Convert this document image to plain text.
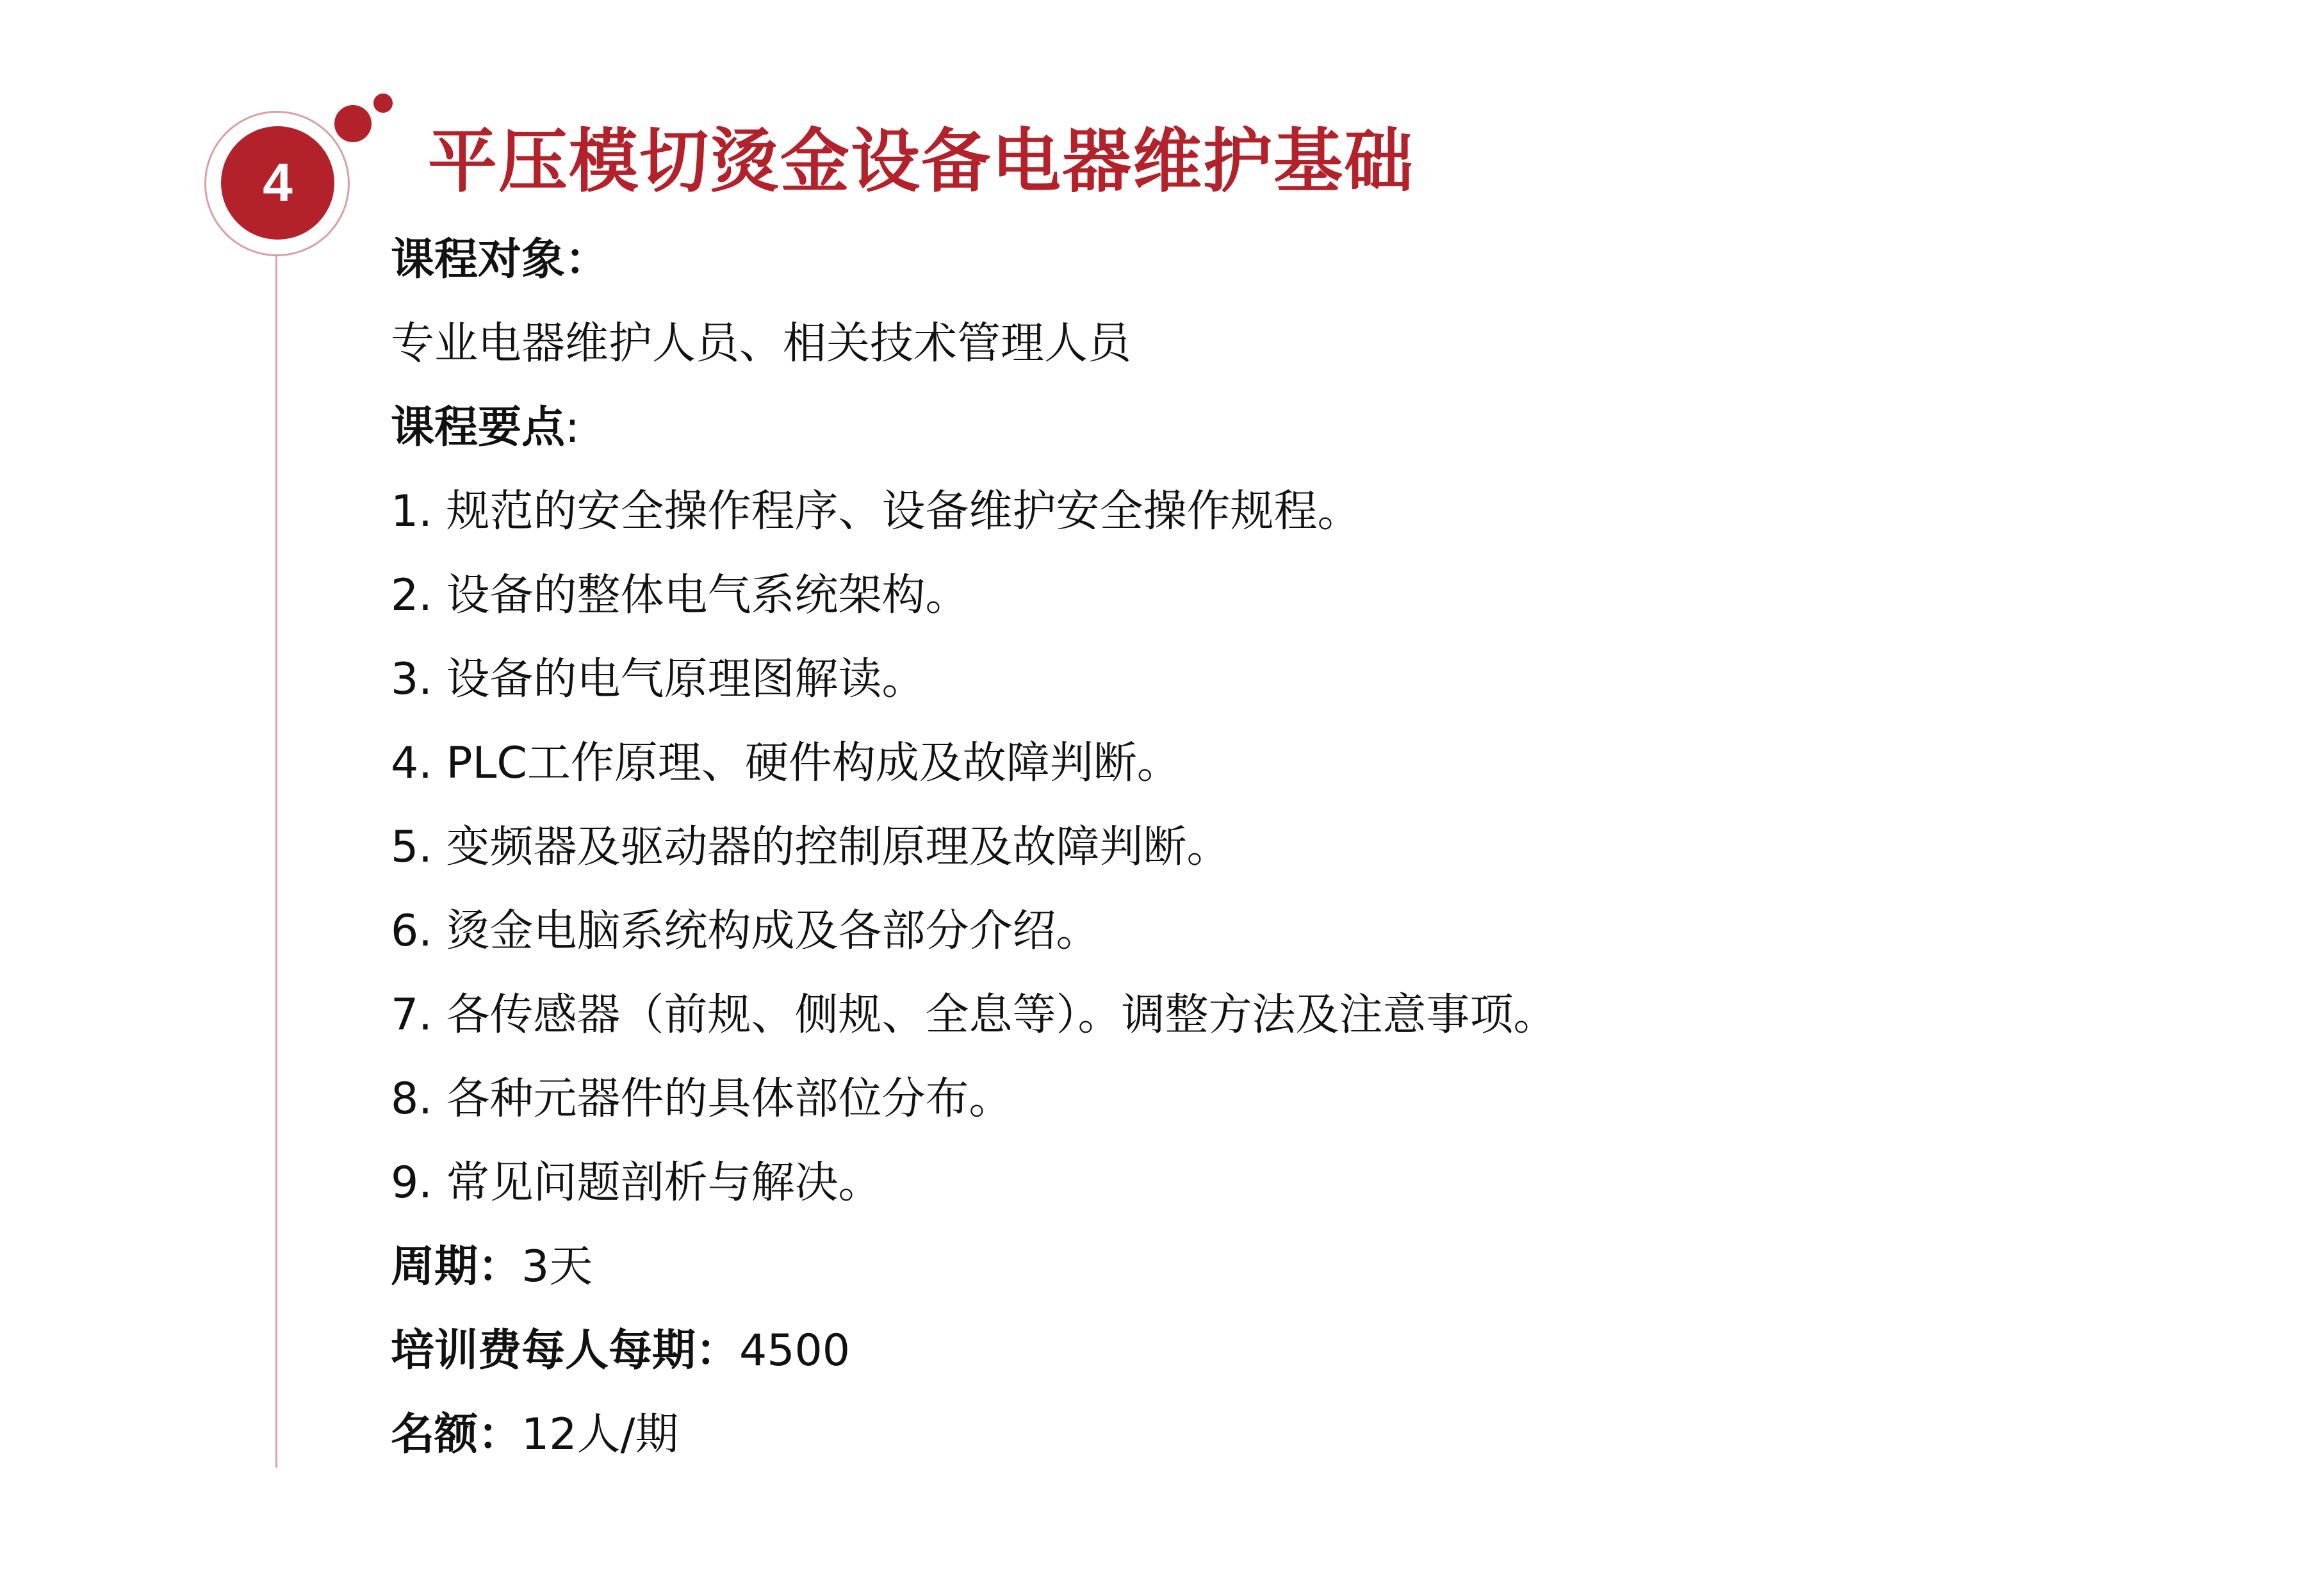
4	平压模切烫金设备电器维护基础
课程对象：
专业电器维护人员、相关技术管理人员
课程要点:
1. 规范的安全操作程序、设备维护安全操作规程。
2. 设备的整体电气系统架构。
3. 设备的电气原理图解读。
4. PLC工作原理、硬件构成及故障判断。
5. 变频器及驱动器的控制原理及故障判断。
6. 烫金电脑系统构成及各部分介绍。
7. 各传感器（前规、侧规、全息等）。调整方法及注意事项。
8. 各种元器件的具体部位分布。
9. 常见问题剖析与解决。
周期：3天
培训费每人每期：4500
名额：12人/期
